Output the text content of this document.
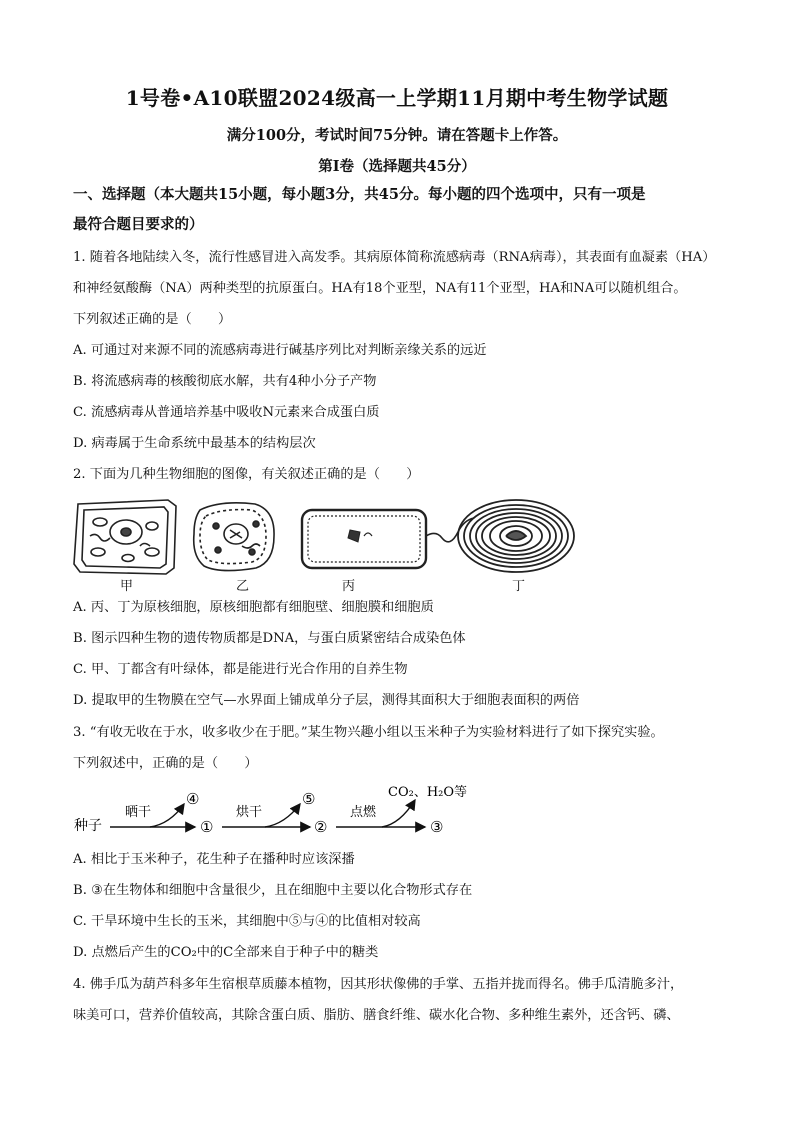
1号卷•A10联盟2024级高一上学期11月期中考生物学试题
满分100分，考试时间75分钟。请在答题卡上作答。
第Ⅰ卷（选择题共45分）
一、选择题（本大题共15小题，每小题3分，共45分。每小题的四个选项中，只有一项是
最符合题目要求的）
1. 随着各地陆续入冬，流行性感冒进入高发季。其病原体简称流感病毒（RNA病毒），其表面有血凝素（HA）
和神经氨酸酶（NA）两种类型的抗原蛋白。HA有18个亚型，NA有11个亚型，HA和NA可以随机组合。
下列叙述正确的是（　　）
A. 可通过对来源不同的流感病毒进行碱基序列比对判断亲缘关系的远近
B. 将流感病毒的核酸彻底水解，共有4种小分子产物
C. 流感病毒从普通培养基中吸收N元素来合成蛋白质
D. 病毒属于生命系统中最基本的结构层次
2. 下面为几种生物细胞的图像，有关叙述正确的是（　　）
甲	乙	丙	丁
A. 丙、丁为原核细胞，原核细胞都有细胞壁、细胞膜和细胞质
B. 图示四种生物的遗传物质都是DNA，与蛋白质紧密结合成染色体
C. 甲、丁都含有叶绿体，都是能进行光合作用的自养生物
D. 提取甲的生物膜在空气—水界面上铺成单分子层，测得其面积大于细胞表面积的两倍
3. “有收无收在于水，收多收少在于肥。”某生物兴趣小组以玉米种子为实验材料进行了如下探究实验。
下列叙述中，正确的是（　　）
种子
晒干
④
①
烘干
⑤
②
点燃
CO₂、H₂O等
③
A. 相比于玉米种子，花生种子在播种时应该深播
B. ③在生物体和细胞中含量很少，且在细胞中主要以化合物形式存在
C. 干旱环境中生长的玉米，其细胞中⑤与④的比值相对较高
D. 点燃后产生的CO₂中的C全部来自于种子中的糖类
4. 佛手瓜为葫芦科多年生宿根草质藤本植物，因其形状像佛的手掌、五指并拢而得名。佛手瓜清脆多汁，
味美可口，营养价值较高，其除含蛋白质、脂肪、膳食纤维、碳水化合物、多种维生素外，还含钙、磷、
